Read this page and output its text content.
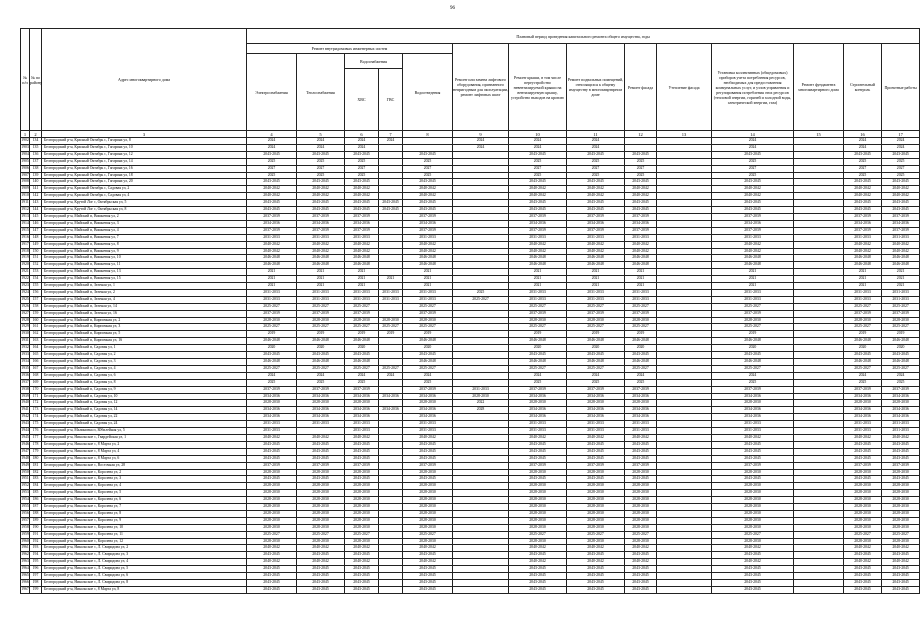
96
№ п/п	№ по району	Адрес многоквартирного дома	Плановый период проведения капитального ремонта общего имущества, годы													
			Ремонт внутридомовых инженерных систем					Ремонт или замена лифтового оборудования, признанного непригодным для эксплуатации, ремонт лифтовых шахт	Ремонт крыши, в том числе переустройство невентилируемой крыши на вентилируемую крышу, устройство выходов на кровлю	Ремонт подвальных помещений, относящихся к общему имуществу в многоквартирном доме	Ремонт фасада	Утепление фасада	Установка коллективных (общедомовых) приборов учета потребления ресурсов, необходимых для предоставления коммунальных услуг, и узлов управления и регулирования потребления этих ресурсов (тепловой энергии, горячей и холодной воды, электрической энергии, газа)	Ремонт фундамента многоквартирного дома	Строительный контроль	Проектные работы
			Электроснабжения	Теплоснабжения	Водоснабжения		Водоотведения									
					ХВС	ГВС										
1	2	3	4	5	6	7	8	9	10	11	12	13	14	15	16	17
1902	134	Белгородский р-н, Красный Октябрь с, Гагарина ул, 8	2024	2024	2024	2024		2024	2024	2024			2024		2024	2024
1903	135	Белгородский р-н, Красный Октябрь с, Гагарина ул, 10	2024	2024	2024			2024	2024	2024			2024		2024	2024
1904	136	Белгородский р-н, Красный Октябрь с, Гагарина ул, 12	2043-2045	2043-2045	2043-2045		2043-2045		2043-2045	2043-2045	2043-2045		2043-2045		2043-2045	2043-2045
1905	137	Белгородский р-н, Красный Октябрь с, Гагарина ул, 14	2025	2025	2025		2025		2025	2025	2025		2025		2025	2025
1906	138	Белгородский р-н, Красный Октябрь с, Гагарина ул, 16	2027	2027	2027		2027		2027	2027	2027		2027		2027	2027
1907	139	Белгородский р-н, Красный Октябрь с, Гагарина ул, 18	2025	2025	2025		2025		2025	2025	2025		2025		2025	2025
1908	140	Белгородский р-н, Красный Октябрь с, Гагарина ул, 20	2043-2045	2043-2045	2043-2045		2043-2045		2043-2045	2043-2045	2043-2045		2043-2045		2043-2045	2043-2045
1909	141	Белгородский р-н, Красный Октябрь с, Садовая ул, 2	2040-2042	2040-2042	2040-2042		2040-2042		2040-2042	2040-2042	2040-2042		2040-2042		2040-2042	2040-2042
1910	142	Белгородский р-н, Красный Октябрь с, Садовая ул, 4	2040-2042	2040-2042	2040-2042		2040-2042		2040-2042	2040-2042	2040-2042		2040-2042		2040-2042	2040-2042
1911	143	Белгородский р-н, Крутой Лог с, Октябрьская ул, 5	2043-2045	2043-2045	2043-2045	2043-2045	2043-2045		2043-2045	2043-2045	2043-2045		2043-2045		2043-2045	2043-2045
1912	144	Белгородский р-н, Крутой Лог с, Октябрьская ул, 8	2043-2045	2043-2045	2043-2045	2043-2045	2043-2045		2043-2045	2043-2045	2043-2045		2043-2045		2043-2045	2043-2045
1913	145	Белгородский р-н, Майский п, Вишневая ул, 2	2037-2039	2037-2039	2037-2039		2037-2039		2037-2039	2037-2039	2037-2039		2037-2039		2037-2039	2037-2039
1914	146	Белгородский р-н, Майский п, Вишневая ул, 3	2034-2036	2034-2036	2034-2036		2034-2036		2034-2036	2034-2036	2034-2036		2034-2036		2034-2036	2034-2036
1915	147	Белгородский р-н, Майский п, Вишневая ул, 4	2037-2039	2037-2039	2037-2039		2037-2039		2037-2039	2037-2039	2037-2039		2037-2039		2037-2039	2037-2039
1916	148	Белгородский р-н, Майский п, Вишневая ул, 7	2031-2033	2031-2033	2031-2033		2031-2033		2031-2033	2031-2033	2031-2033		2031-2033		2031-2033	2031-2033
1917	149	Белгородский р-н, Майский п, Вишневая ул, 8	2040-2042	2040-2042	2040-2042		2040-2042		2040-2042	2040-2042	2040-2042		2040-2042		2040-2042	2040-2042
1918	150	Белгородский р-н, Майский п, Вишневая ул, 9	2040-2042	2040-2042	2040-2042		2040-2042		2040-2042	2040-2042	2040-2042		2040-2042		2040-2042	2040-2042
1919	151	Белгородский р-н, Майский п, Вишневая ул, 10	2046-2048	2046-2048	2046-2048		2046-2048		2046-2048	2046-2048	2046-2048		2046-2048		2046-2048	2046-2048
1920	152	Белгородский р-н, Майский п, Вишневая ул, 11	2046-2048	2046-2048	2046-2048		2046-2048		2046-2048	2046-2048	2046-2048		2046-2048		2046-2048	2046-2048
1921	153	Белгородский р-н, Майский п, Вишневая ул, 13	2021	2021	2021		2021		2021	2021	2021		2021		2021	2021
1922	154	Белгородский р-н, Майский п, Вишневая ул, 15	2021	2021	2021	2021	2021		2021	2021	2021		2021		2021	2021
1923	155	Белгородский р-н, Майский п, Зеленая ул, 1	2021	2021	2021		2021		2021	2021	2021		2021		2021	2021
1924	156	Белгородский р-н, Майский п, Зеленая ул, 2	2031-2033	2031-2033	2031-2033	2031-2033	2031-2033	2025	2031-2033	2031-2033	2031-2033		2031-2033		2031-2033	2031-2033
1925	157	Белгородский р-н, Майский п, Зеленая ул, 4	2031-2033	2031-2033	2031-2033	2031-2033	2031-2033	2025-2027	2031-2033	2031-2033	2031-2033		2031-2033		2031-2033	2031-2033
1926	158	Белгородский р-н, Майский п, Зеленая ул, 14	2025-2027	2025-2027	2025-2027		2025-2027		2025-2027	2025-2027	2025-2027		2025-2027		2025-2027	2025-2027
1927	159	Белгородский р-н, Майский п, Зеленая ул, 16	2037-2039	2037-2039	2037-2039		2037-2039		2037-2039	2037-2039	2037-2039		2037-2039		2037-2039	2037-2039
1928	160	Белгородский р-н, Майский п, Кирпичная ул, 2	2028-2030	2028-2030	2028-2030	2028-2030	2028-2030		2028-2030	2028-2030	2028-2030		2028-2030		2028-2030	2028-2030
1929	161	Белгородский р-н, Майский п, Кирпичная ул, 3	2025-2027	2025-2027	2025-2027	2025-2027	2025-2027		2025-2027	2025-2027	2025-2027		2025-2027		2025-2027	2025-2027
1930	162	Белгородский р-н, Майский п, Кирпичная ул, 5	2019	2019	2019	2019	2019		2019	2019	2019		2019		2019	2019
1931	163	Белгородский р-н, Майский п, Кирпичная ул, 16	2046-2048	2046-2048	2046-2048		2046-2048		2046-2048	2046-2048	2046-2048		2046-2048		2046-2048	2046-2048
1932	164	Белгородский р-н, Майский п, Садовая ул, 1	2020	2020	2020		2020		2020	2020	2020		2020		2020	2020
1933	165	Белгородский р-н, Майский п, Садовая ул, 2	2043-2045	2043-2045	2043-2045		2043-2045		2043-2045	2043-2045	2043-2045		2043-2045		2043-2045	2043-2045
1934	166	Белгородский р-н, Майский п, Садовая ул, 3	2046-2048	2046-2048	2046-2048		2046-2048		2046-2048	2046-2048	2046-2048		2046-2048		2046-2048	2046-2048
1935	167	Белгородский р-н, Майский п, Садовая ул, 4	2025-2027	2025-2027	2025-2027	2025-2027	2025-2027		2025-2027	2025-2027	2025-2027		2025-2027		2025-2027	2025-2027
1936	168	Белгородский р-н, Майский п, Садовая ул, 6	2024	2024	2024	2024	2024		2024	2024	2024		2024		2024	2024
1937	169	Белгородский р-н, Майский п, Садовая ул, 8	2025	2025	2025		2025		2025	2025	2025		2025		2025	2025
1938	170	Белгородский р-н, Майский п, Садовая ул, 9	2037-2039	2037-2039	2037-2039		2037-2039	2031-2033	2037-2039	2037-2039	2037-2039		2037-2039		2037-2039	2037-2039
1939	171	Белгородский р-н, Майский п, Садовая ул, 10	2034-2036	2034-2036	2034-2036	2034-2036	2034-2036	2028-2030	2034-2036	2034-2036	2034-2036		2034-2036		2034-2036	2034-2036
1940	172	Белгородский р-н, Майский п, Садовая ул, 12	2028-2030	2028-2030	2028-2030		2028-2030	2022	2028-2030	2028-2030	2028-2030		2028-2030		2028-2030	2028-2030
1941	173	Белгородский р-н, Майский п, Садовая ул, 14	2034-2036	2034-2036	2034-2036	2034-2036	2034-2036	2028	2034-2036	2034-2036	2034-2036		2034-2036		2034-2036	2034-2036
1942	174	Белгородский р-н, Майский п, Садовая ул, 22	2034-2036	2034-2036	2034-2036		2034-2036		2034-2036	2034-2036	2034-2036		2034-2036		2034-2036	2034-2036
1943	175	Белгородский р-н, Майский п, Садовая ул, 24	2031-2033	2031-2033	2031-2033		2031-2033		2031-2033	2031-2033	2031-2033		2031-2033		2031-2033	2031-2033
1944	176	Белгородский р-н, Малиновка п, Юбилейная ул, 5	2031-2033		2031-2033		2031-2033		2031-2033	2031-2033	2031-2033		2031-2033		2031-2033	2031-2033
1945	177	Белгородский р-н, Никольское с, Гвардейская ул, 1	2040-2042	2040-2042	2040-2042		2040-2042		2040-2042	2040-2042	2040-2042		2040-2042		2040-2042	2040-2042
1946	178	Белгородский р-н, Никольское с, 8 Марта ул, 2	2043-2045	2043-2045	2043-2045		2043-2045		2043-2045	2043-2045	2043-2045		2043-2045		2043-2045	2043-2045
1947	179	Белгородский р-н, Никольское с, 8 Марта ул, 4	2043-2045	2043-2045	2043-2045		2043-2045		2043-2045	2043-2045	2043-2045		2043-2045		2043-2045	2043-2045
1948	180	Белгородский р-н, Никольское с, 8 Марта ул, 6	2043-2045	2043-2045	2043-2045		2043-2045		2043-2045	2043-2045	2043-2045		2043-2045		2043-2045	2043-2045
1949	181	Белгородский р-н, Никольское с, Восточная ул, 28	2037-2039	2037-2039	2037-2039		2037-2039		2037-2039	2037-2039	2037-2039		2037-2039		2037-2039	2037-2039
1950	182	Белгородский р-н, Никольское с, Королева ул, 2	2028-2030	2028-2030	2028-2030		2028-2030		2028-2030	2028-2030	2028-2030		2028-2030		2028-2030	2028-2030
1951	183	Белгородский р-н, Никольское с, Королева ул, 3	2043-2045	2043-2045	2043-2045		2043-2045		2043-2045	2043-2045	2043-2045		2043-2045		2043-2045	2043-2045
1952	184	Белгородский р-н, Никольское с, Королева ул, 4	2028-2030	2028-2030	2028-2030		2028-2030		2028-2030	2028-2030	2028-2030		2028-2030		2028-2030	2028-2030
1953	185	Белгородский р-н, Никольское с, Королева ул, 5	2028-2030	2028-2030	2028-2030		2028-2030		2028-2030	2028-2030	2028-2030		2028-2030		2028-2030	2028-2030
1954	186	Белгородский р-н, Никольское с, Королева ул, 6	2028-2030	2028-2030	2028-2030		2028-2030		2028-2030	2028-2030	2028-2030		2028-2030		2028-2030	2028-2030
1955	187	Белгородский р-н, Никольское с, Королева ул, 7	2028-2030	2028-2030	2028-2030		2028-2030		2028-2030	2028-2030	2028-2030		2028-2030		2028-2030	2028-2030
1956	188	Белгородский р-н, Никольское с, Королева ул, 8	2028-2030	2028-2030	2028-2030		2028-2030		2028-2030	2028-2030	2028-2030		2028-2030		2028-2030	2028-2030
1957	189	Белгородский р-н, Никольское с, Королева ул, 9	2028-2030	2028-2030	2028-2030		2028-2030		2028-2030	2028-2030	2028-2030		2028-2030		2028-2030	2028-2030
1958	190	Белгородский р-н, Никольское с, Королева ул, 10	2028-2030	2028-2030	2028-2030		2028-2030		2028-2030	2028-2030	2028-2030		2028-2030		2028-2030	2028-2030
1959	191	Белгородский р-н, Никольское с, Королева ул, 11	2025-2027	2025-2027	2025-2027		2025-2027		2025-2027	2025-2027	2025-2027		2025-2027		2025-2027	2025-2027
1960	192	Белгородский р-н, Никольское с, Королева ул, 12	2028-2030	2028-2030	2028-2030		2028-2030		2028-2030	2028-2030	2028-2030		2028-2030		2028-2030	2028-2030
1961	193	Белгородский р-н, Никольское с, Л. Свиридова ул, 2	2040-2042	2040-2042	2040-2042		2040-2042		2040-2042	2040-2042	2040-2042		2040-2042		2040-2042	2040-2042
1962	194	Белгородский р-н, Никольское с, Л. Свиридова ул, 3	2043-2045	2043-2045	2043-2045		2043-2045		2043-2045	2043-2045	2043-2045		2043-2045		2043-2045	2043-2045
1963	195	Белгородский р-н, Никольское с, Л. Свиридова ул, 4	2040-2042	2040-2042	2040-2042		2040-2042		2040-2042	2040-2042	2040-2042		2040-2042		2040-2042	2040-2042
1964	196	Белгородский р-н, Никольское с, Л. Свиридова ул, 5	2043-2045	2043-2045	2043-2045		2043-2045		2043-2045	2043-2045	2043-2045		2043-2045		2043-2045	2043-2045
1965	197	Белгородский р-н, Никольское с, Л. Свиридова ул, 6	2043-2045	2043-2045	2043-2045		2043-2045		2043-2045	2043-2045	2043-2045		2043-2045		2043-2045	2043-2045
1966	198	Белгородский р-н, Никольское с, Л. Свиридова ул, 8	2043-2045	2043-2045	2043-2045		2043-2045		2043-2045	2043-2045	2043-2045		2043-2045		2043-2045	2043-2045
1967	199	Белгородский р-н, Никольское с, 8 Марта ул, 8	2043-2045	2043-2045	2043-2045		2043-2045		2043-2045	2043-2045	2043-2045		2043-2045		2043-2045	2043-2045
